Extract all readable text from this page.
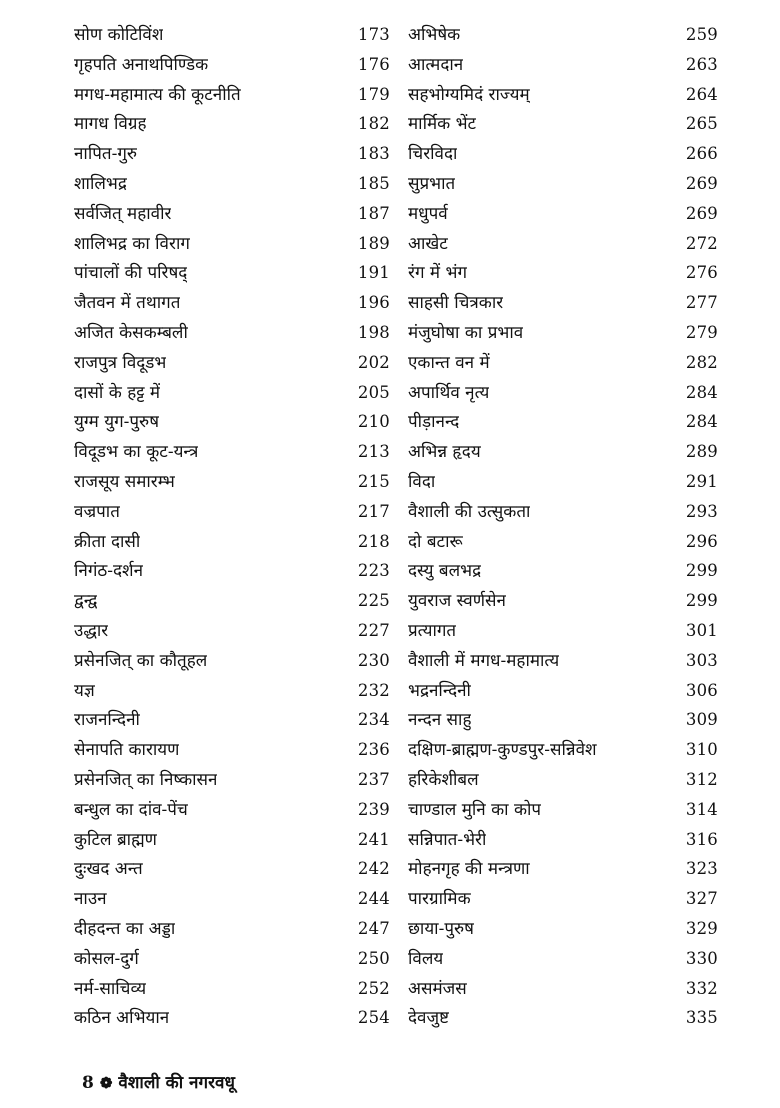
सोण कोटिविंश	173
गृहपति अनाथपिण्डिक	176
मगध-महामात्य की कूटनीति	179
मागध विग्रह	182
नापित-गुरु	183
शालिभद्र	185
सर्वजित् महावीर	187
शालिभद्र का विराग	189
पांचालों की परिषद्	191
जैतवन में तथागत	196
अजित केसकम्बली	198
राजपुत्र विदूडभ	202
दासों के हट्ट में	205
युग्म युग-पुरुष	210
विदूडभ का कूट-यन्त्र	213
राजसूय समारम्भ	215
वज्रपात	217
क्रीता दासी	218
निगंठ-दर्शन	223
द्वन्द्व	225
उद्धार	227
प्रसेनजित् का कौतूहल	230
यज्ञ	232
राजनन्दिनी	234
सेनापति कारायण	236
प्रसेनजित् का निष्कासन	237
बन्धुल का दांव-पेंच	239
कुटिल ब्राह्मण	241
दुःखद अन्त	242
नाउन	244
दीहदन्त का अड्डा	247
कोसल-दुर्ग	250
नर्म-साचिव्य	252
कठिन अभियान	254
अभिषेक	259
आत्मदान	263
सहभोग्यमिदं राज्यम्	264
मार्मिक भेंट	265
चिरविदा	266
सुप्रभात	269
मधुपर्व	269
आखेट	272
रंग में भंग	276
साहसी चित्रकार	277
मंजुघोषा का प्रभाव	279
एकान्त वन में	282
अपार्थिव नृत्य	284
पीड़ानन्द	284
अभिन्न हृदय	289
विदा	291
वैशाली की उत्सुकता	293
दो बटारू	296
दस्यु बलभद्र	299
युवराज स्वर्णसेन	299
प्रत्यागत	301
वैशाली में मगध-महामात्य	303
भद्रनन्दिनी	306
नन्दन साहु	309
दक्षिण-ब्राह्मण-कुण्डपुर-सन्निवेश	310
हरिकेशीबल	312
चाण्डाल मुनि का कोप	314
सन्निपात-भेरी	316
मोहनगृह की मन्त्रणा	323
पारग्रामिक	327
छाया-पुरुष	329
विलय	330
असमंजस	332
देवजुष्ट	335
8 ❁ वैशाली की नगरवधू
